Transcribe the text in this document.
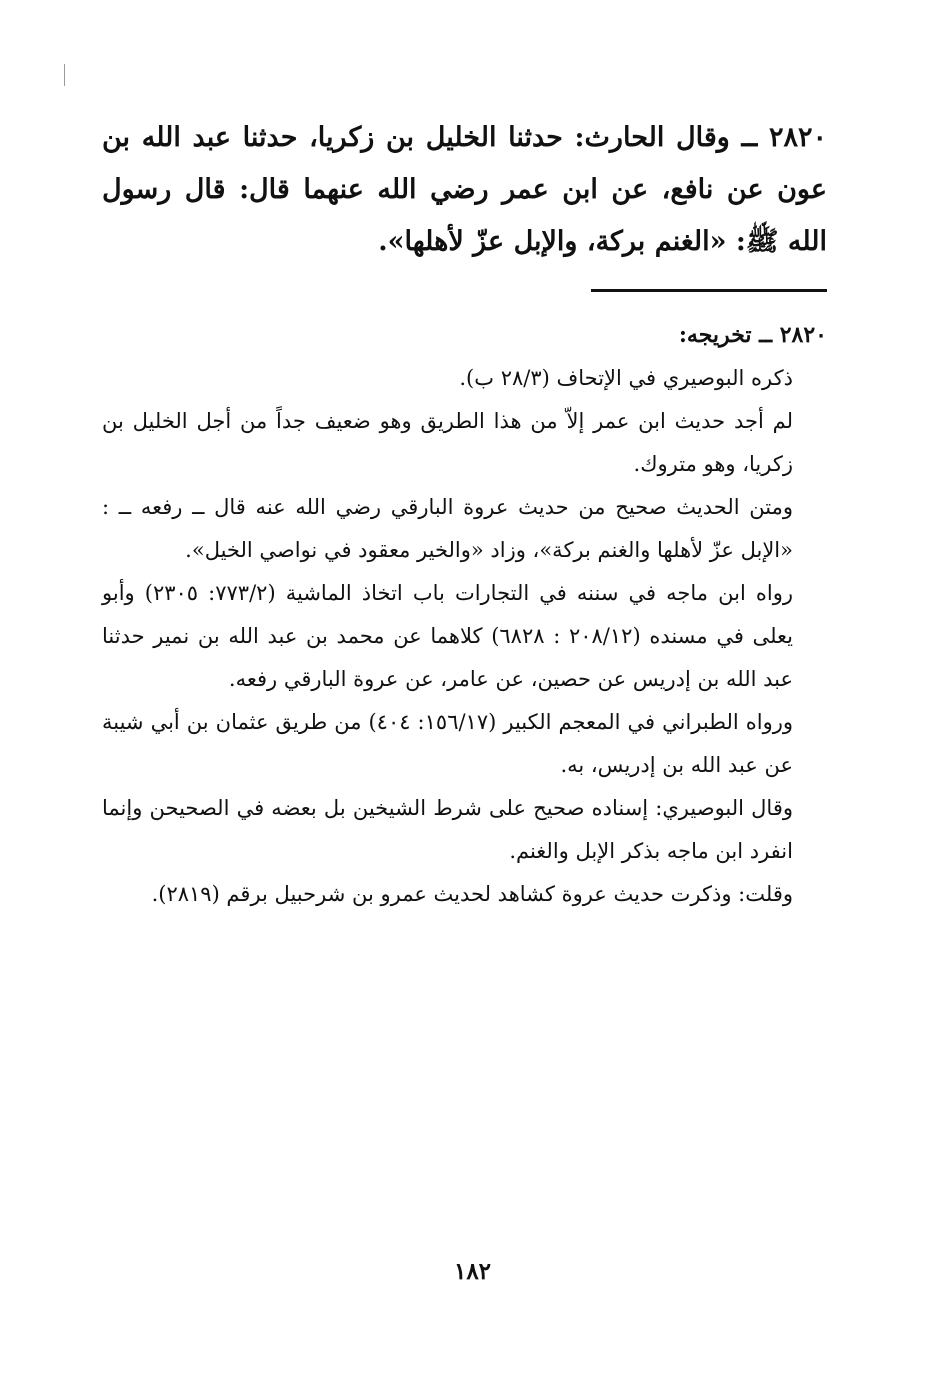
٢٨٢٠ ــ وقال الحارث: حدثنا الخليل بن زكريا، حدثنا عبد الله بن عون عن نافع، عن ابن عمر رضي الله عنهما قال: قال رسول الله ﷺ: «الغنم بركة، والإبل عزّ لأهلها».

٢٨٢٠ ــ تخريجه:

ذكره البوصيري في الإتحاف (٢٨/٣ ب).

لم أجد حديث ابن عمر إلاّ من هذا الطريق وهو ضعيف جداً من أجل الخليل بن زكريا، وهو متروك.

ومتن الحديث صحيح من حديث عروة البارقي رضي الله عنه قال ــ رفعه ــ : «الإبل عزّ لأهلها والغنم بركة»، وزاد «والخير معقود في نواصي الخيل».

رواه ابن ماجه في سننه في التجارات باب اتخاذ الماشية (٧٧٣/٢: ٢٣٠٥) وأبو يعلى في مسنده (٢٠٨/١٢ : ٦٨٢٨) كلاهما عن محمد بن عبد الله بن نمير حدثنا عبد الله بن إدريس عن حصين، عن عامر، عن عروة البارقي رفعه.

ورواه الطبراني في المعجم الكبير (١٥٦/١٧: ٤٠٤) من طريق عثمان بن أبي شيبة عن عبد الله بن إدريس، به.

وقال البوصيري: إسناده صحيح على شرط الشيخين بل بعضه في الصحيحن وإنما انفرد ابن ماجه بذكر الإبل والغنم.

وقلت: وذكرت حديث عروة كشاهد لحديث عمرو بن شرحبيل برقم (٢٨١٩).

١٨٢
